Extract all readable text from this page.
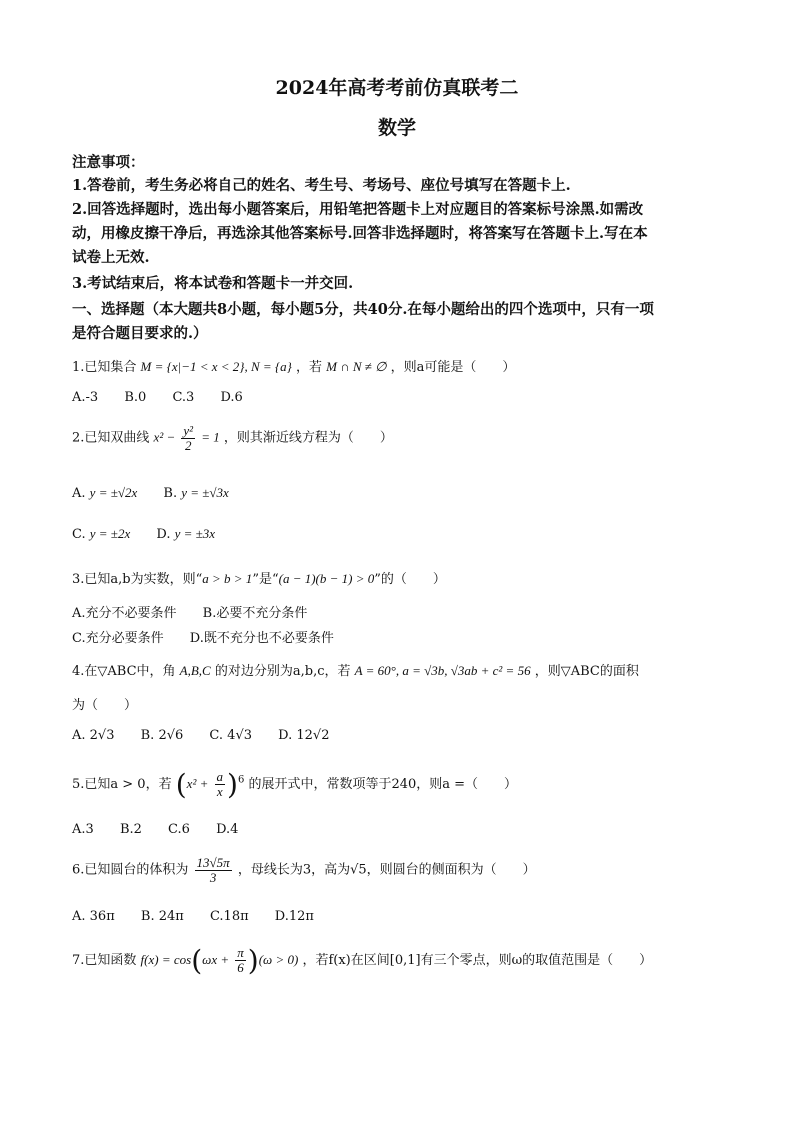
2024年高考考前仿真联考二
数学
注意事项：
1.答卷前，考生务必将自己的姓名、考生号、考场号、座位号填写在答题卡上.
2.回答选择题时，选出每小题答案后，用铅笔把答题卡上对应题目的答案标号涂黑.如需改
动，用橡皮擦干净后，再选涂其他答案标号.回答非选择题时，将答案写在答题卡上.写在本
试卷上无效.
3.考试结束后，将本试卷和答题卡一并交回.
一、选择题（本大题共8小题，每小题5分，共40分.在每小题给出的四个选项中，只有一项
是符合题目要求的.）
1.已知集合 M = {x|−1 < x < 2}, N = {a} ，若 M ∩ N ≠ ∅ ，则a可能是（　　）
A.-3 B.0 C.3 D.6
2.已知双曲线 $x^2 - \frac{\text{y²}}{2} = 1$ ，则其渐近线方程为（　　）
A. y = ±√2x B. y = ±√3x
C. y = ±2x D. y = ±3x
3.已知a,b为实数，则“a > b > 1”是“(a − 1)(b − 1) > 0”的（　　）
A.充分不必要条件 B.必要不充分条件
C.充分必要条件 D.既不充分也不必要条件
4.在▽ABC中，角 A,B,C 的对边分别为a,b,c，若 A = 60°, a = √3b, √3ab + c² = 56 ，则▽ABC的面积
为（　　）
A. 2√3 B. 2√6 C. 4√3 D. 12√2
5.已知a > 0，若 $(x^2 + \frac{a}{x} )^6$ 的展开式中，常数项等于240，则a =（　　）
A.3 B.2 C.6 D.4
6.已知圆台的体积为 $\frac{13√5\pi}{3}$ ，母线长为3，高为√5，则圆台的侧面积为（　　）
A. 36π B. 24π C.18π D.12π
7.已知函数 $f(x) = \cos(\omega x + \frac{\pi}{6} )(\omega > 0)$ ，若f(x)在区间[0,1]有三个零点，则ω的取值范围是（　　）
